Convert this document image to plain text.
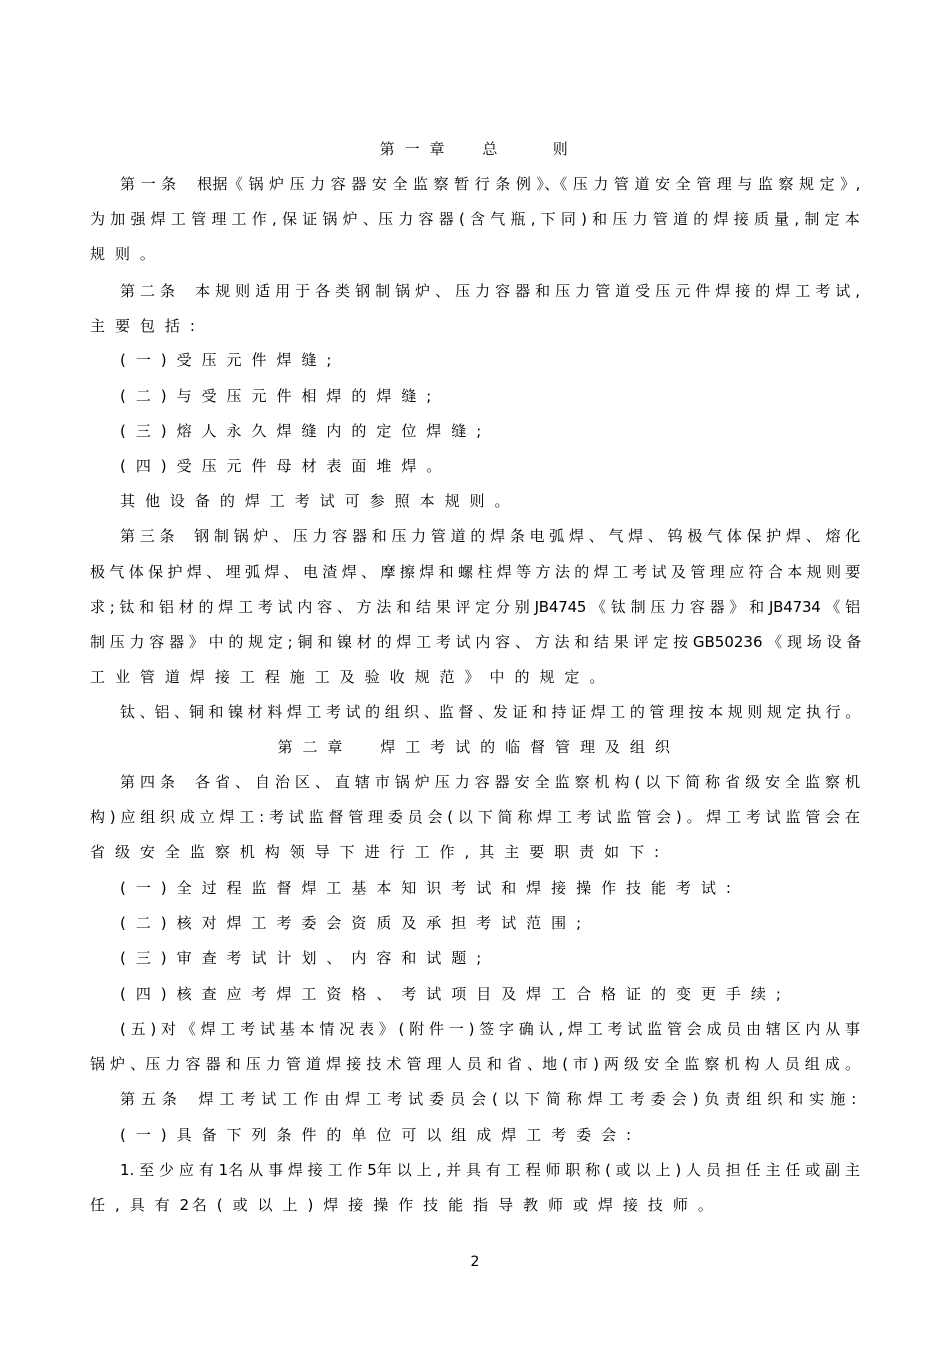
第 一 章　　总　　　则
第 一 条　 根据《 锅 炉 压 力 容 器 安 全 监 察 暂 行 条 例 》、《 压 力 管 道 安 全 管 理 与 监 察 规 定 》,
为 加 强 焊 工 管 理 工 作 , 保 证 锅 炉 、压 力 容 器 ( 含 气 瓶 , 下 同 ) 和 压 力 管 道 的 焊 接 质 量 , 制 定 本
规 则 。
第 二 条　 本 规 则 适 用 于 各 类 钢 制 锅 炉 、 压 力 容 器 和 压 力 管 道 受 压 元 件 焊 接 的 焊 工 考 试 ,
主 要 包 括 :
( 一 ) 受 压 元 件 焊 缝 ;
( 二 ) 与 受 压 元 件 相 焊 的 焊 缝 ;
( 三 ) 熔 人 永 久 焊 缝 内 的 定 位 焊 缝 ;
( 四 ) 受 压 元 件 母 材 表 面 堆 焊 。
其 他 设 备 的 焊 工 考 试 可 参 照 本 规 则 。
第 三 条　 钢 制 锅 炉 、 压 力 容 器 和 压 力 管 道 的 焊 条 电 弧 焊 、 气 焊 、 钨 极 气 体 保 护 焊 、 熔 化
极 气 体 保 护 焊 、 埋 弧 焊 、 电 渣 焊 、 摩 擦 焊 和 螺 柱 焊 等 方 法 的 焊 工 考 试 及 管 理 应 符 合 本 规 则 要
求 ; 钛 和 铝 材 的 焊 工 考 试 内 容 、 方 法 和 结 果 评 定 分 别 JB4745 《 钛 制 压 力 容 器 》 和 JB4734 《 铝
制 压 力 容 器 》 中 的 规 定 ; 铜 和 镍 材 的 焊 工 考 试 内 容 、 方 法 和 结 果 评 定 按 GB50236 《 现 场 设 备
工 业 管 道 焊 接 工 程 施 工 及 验 收 规 范 》 中 的 规 定 。
钛 、铝 、铜 和 镍 材 料 焊 工 考 试 的 组 织 、监 督 、发 证 和 持 证 焊 工 的 管 理 按 本 规 则 规 定 执 行 。
第 二 章　　焊 工 考 试 的 临 督 管 理 及 组 织
第 四 条　 各 省 、 自 治 区 、 直 辖 市 锅 炉 压 力 容 器 安 全 监 察 机 构 ( 以 下 简 称 省 级 安 全 监 察 机
构 ) 应 组 织 成 立 焊 工 : 考 试 监 督 管 理 委 员 会 ( 以 下 简 称 焊 工 考 试 监 管 会 ) 。 焊 工 考 试 监 管 会 在
省 级 安 全 监 察 机 构 领 导 下 进 行 工 作 , 其 主 要 职 责 如 下 :
( 一 ) 全 过 程 监 督 焊 工 基 本 知 识 考 试 和 焊 接 操 作 技 能 考 试 :
( 二 ) 核 对 焊 工 考 委 会 资 质 及 承 担 考 试 范 围 ;
( 三 ) 审 查 考 试 计 划 、 内 容 和 试 题 ;
( 四 ) 核 查 应 考 焊 工 资 格 、 考 试 项 目 及 焊 工 合 格 证 的 变 更 手 续 ;
( 五 ) 对 《 焊 工 考 试 基 本 情 况 表 》 ( 附 件 一 ) 签 字 确 认 , 焊 工 考 试 监 管 会 成 员 由 辖 区 内 从 事
锅 炉 、压 力 容 器 和 压 力 管 道 焊 接 技 术 管 理 人 员 和 省 、地 ( 市 ) 两 级 安 全 监 察 机 构 人 员 组 成 。
第 五 条　 焊 工 考 试 工 作 由 焊 工 考 试 委 员 会 ( 以 下 简 称 焊 工 考 委 会 ) 负 责 组 织 和 实 施 :
( 一 ) 具 备 下 列 条 件 的 单 位 可 以 组 成 焊 工 考 委 会 :
1. 至 少 应 有 1名 从 事 焊 接 工 作 5年 以 上 , 并 具 有 工 程 师 职 称 ( 或 以 上 ) 人 员 担 任 主 任 或 副 主
任 , 具 有 2名 ( 或 以 上 ) 焊 接 操 作 技 能 指 导 教 师 或 焊 接 技 师 。
2
